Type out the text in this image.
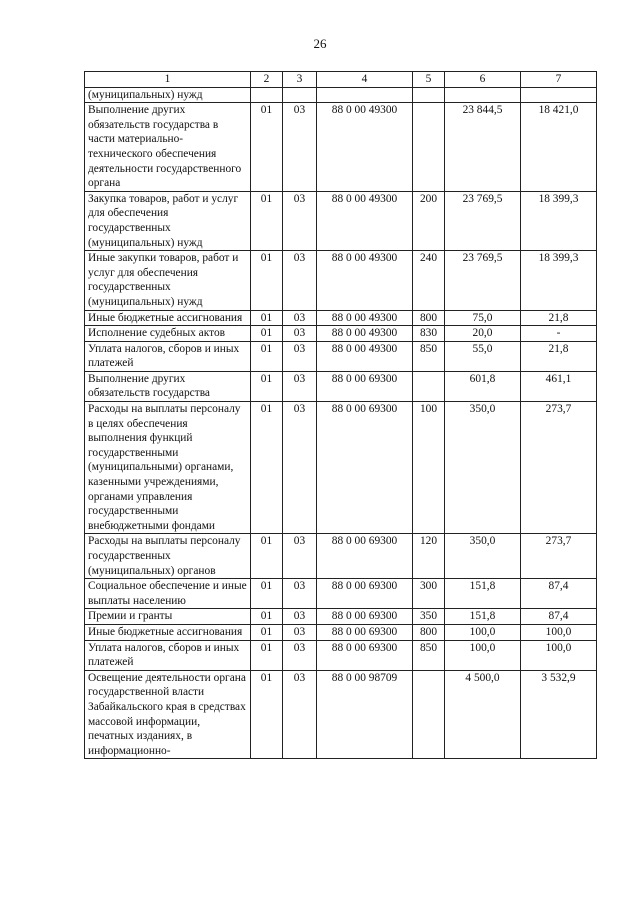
26
1	2	3	4	5	6	7
(муниципальных) нужд						
Выполнение других обязательств государства в части материально-технического обеспечения деятельности государственного органа	01	03	88 0 00 49300		23 844,5	18 421,0
Закупка товаров, работ и услуг для обеспечения государственных (муниципальных) нужд	01	03	88 0 00 49300	200	23 769,5	18 399,3
Иные закупки товаров, работ и услуг для обеспечения государственных (муниципальных) нужд	01	03	88 0 00 49300	240	23 769,5	18 399,3
Иные бюджетные ассигнования	01	03	88 0 00 49300	800	75,0	21,8
Исполнение судебных актов	01	03	88 0 00 49300	830	20,0	-
Уплата налогов, сборов и иных платежей	01	03	88 0 00 49300	850	55,0	21,8
Выполнение других обязательств государства	01	03	88 0 00 69300		601,8	461,1
Расходы на выплаты персоналу в целях обеспечения выполнения функций государственными (муниципальными) органами, казенными учреждениями, органами управления государственными внебюджетными фондами	01	03	88 0 00 69300	100	350,0	273,7
Расходы на выплаты персоналу государственных (муниципальных) органов	01	03	88 0 00 69300	120	350,0	273,7
Социальное обеспечение и иные выплаты населению	01	03	88 0 00 69300	300	151,8	87,4
Премии и гранты	01	03	88 0 00 69300	350	151,8	87,4
Иные бюджетные ассигнования	01	03	88 0 00 69300	800	100,0	100,0
Уплата налогов, сборов и иных платежей	01	03	88 0 00 69300	850	100,0	100,0
Освещение деятельности органа государственной власти Забайкальского края в средствах массовой информации, печатных изданиях, в информационно-	01	03	88 0 00 98709		4 500,0	3 532,9
